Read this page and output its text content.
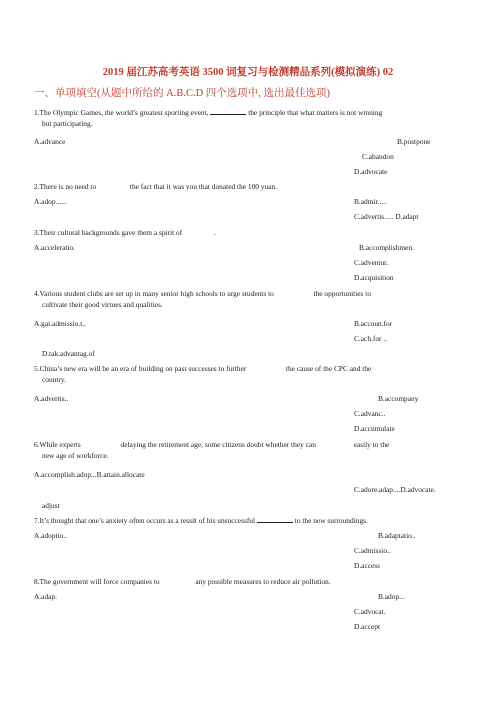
2019 届江苏高考英语 3500 词复习与检测精品系列(模拟演练) 02
一、单项填空(从题中所给的 A.B.C.D 四个选项中, 选出最佳选项)
1.The Olympic Games, the world’s greatest sporting event,	the principle that what matters is not winning
but participating.
A.advance	B.postpone
C.abandon
D.advocate
2.There is no need to	the fact that it was you that donated the 100 yuan.
A.adop......	B.admir.....
C.advertis..... D.adapt
3.Their cultural backgrounds gave them a spirit of	.
A.acceleratio.	B.accomplishmen.
C.adventur.
D.acquisition
4.Various student clubs are set up in many senior high schools to urge students to	the opportunities to
cultivate their good virtues and qualities.
A.gai.admissio.t..	B.accoun.for
C.ach.for ..
D.tak.advantag.of
5.China’s new era will be an era of building on past successes to further	the cause of the CPC and the
country.
A.advertis..	B.accompany
C.advanc..
D.accumulate
6.While experts	delaying the retirement age, some citizens doubt whether they can	easily to the
new age of workforce.
A.accomplish.adop...B.attain.allocate
C.adore.adap....D.advocate.
adjust
7.It’s thought that one’s anxiety often occurs as a result of his unsuccessful	to the new surroundings.
A.adoptio..	B.adaptatio..
C.admissio..
D.access
8.The government will force companies to	any possible measures to reduce air pollution.
A.adap.	B.adop...
C.advocat.
D.accept
